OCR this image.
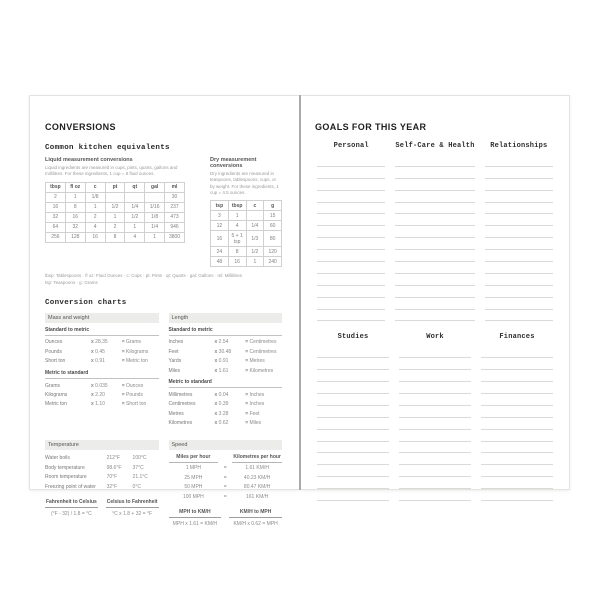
CONVERSIONS
Common kitchen equivalents
Liquid measurement conversions

Liquid ingredients are measured in cups, pints, quarts, gallons and millilitres. For these ingredients, 1 cup = 8 fluid ounces.

tbsp	fl oz	c	pt	qt	gal	ml
2	1	1/8				30
16	8	1	1/2	1/4	1/16	237
32	16	2	1	1/2	1/8	473
64	32	4	2	1	1/4	946
256	128	16	8	4	1	3800
Dry measurement conversions

Dry ingredients are measured in teaspoons, tablespoons, cups, or by weight. For these ingredients, 1 cup = 4.5 ounces.

tsp	tbsp	c	g
3	1		15
12	4	1/4	60
16	5 + 1 tsp	1/3	80
24	8	1/2	120
48	16	1	240

tbsp: Tablespoons · fl oz: Fluid Ounces · c: Cups · pt: Pints · qt: Quarts · gal: Gallons · ml: Millilitres

tsp: Teaspoons · g: Grams

Conversion charts
Mass and weight
Standard to metric
Ounces	x 28.35	= Grams
Pounds	x 0.45	= Kilograms
Short ton	x 0.91	= Metric ton
Metric to standard
Grams	x 0.035	= Ounces
Kilograms	x 2.20	= Pounds
Metric ton	x 1.10	= Short ton
Length
Standard to metric
Inches	x 2.54	= Centimetres
Feet	x 30.48	= Centimetres
Yards	x 0.91	= Metres
Miles	x 1.61	= Kilometres
Metric to standard
Millimetres	x 0.04	= Inches
Centimetres	x 0.39	= Inches
Metres	x 3.28	= Feet
Kilometres	x 0.62	= Miles
Temperature
Water boils	212°F	100°C
Body temperature	98.6°F	37°C
Room temperature	70°F	21.1°C
Freezing point of water	32°F	0°C
Fahrenheit to Celsius
(°F - 32) / 1.8 = °C
Celsius to Fahrenheit
°C x 1.8 + 32 = °F
Speed
Miles per hour	Kilometres per hour
1 MPH	=	1.61 KM/H
25 MPH	=	40.23 KM/H
50 MPH	=	80.47 KM/H
100 MPH	=	161 KM/H
MPH to KM/H
MPH x 1.61 = KM/H
KM/H to MPH
KM/H x 0.62 = MPH
GOALS FOR THIS YEAR
Personal	Self-Care & Health	Relationships
Studies	Work	Finances
